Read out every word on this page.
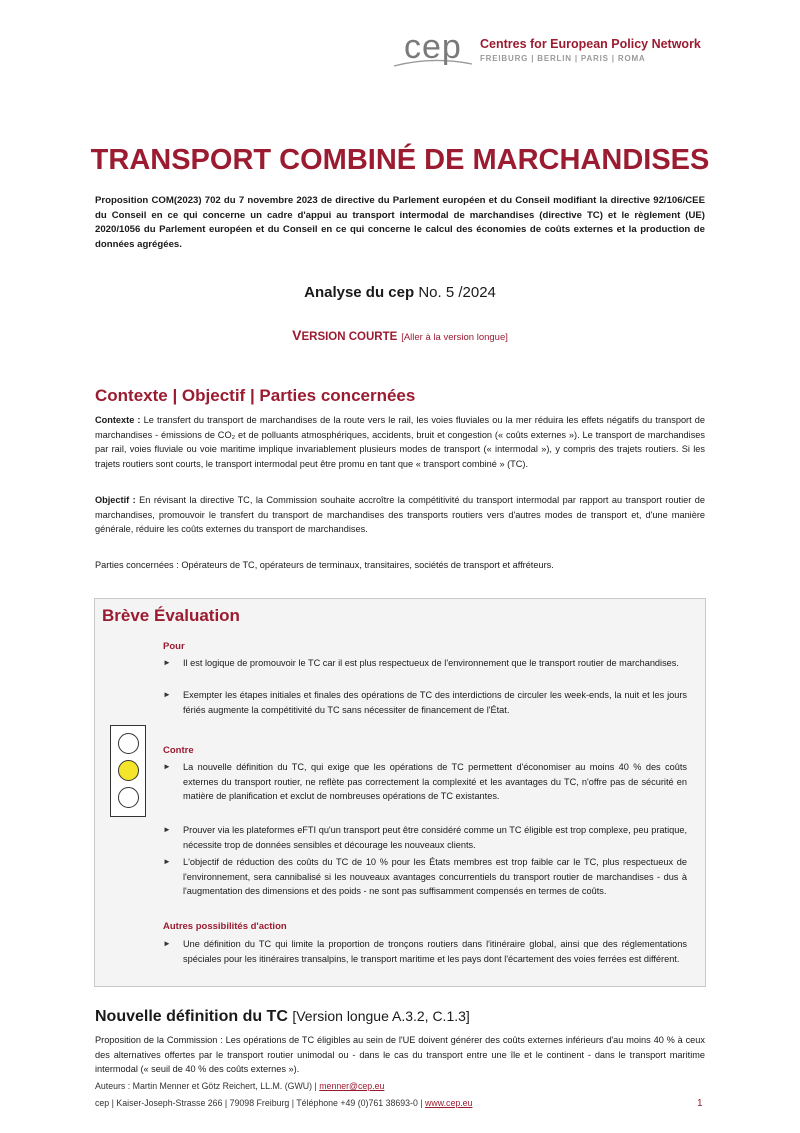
cep Centres for European Policy Network
FREIBURG | BERLIN | PARIS | ROMA
TRANSPORT COMBINÉ DE MARCHANDISES
Proposition COM(2023) 702 du 7 novembre 2023 de directive du Parlement européen et du Conseil modifiant la directive 92/106/CEE du Conseil en ce qui concerne un cadre d'appui au transport intermodal de marchandises (directive TC) et le règlement (UE) 2020/1056 du Parlement européen et du Conseil en ce qui concerne le calcul des économies de coûts externes et la production de données agrégées.
Analyse du cep No. 5 /2024
VERSION COURTE [Aller à la version longue]
Contexte | Objectif | Parties concernées
Contexte : Le transfert du transport de marchandises de la route vers le rail, les voies fluviales ou la mer réduira les effets négatifs du transport de marchandises - émissions de CO₂ et de polluants atmosphériques, accidents, bruit et congestion (« coûts externes »). Le transport de marchandises par rail, voies fluviale ou voie maritime implique invariablement plusieurs modes de transport (« intermodal »), y compris des trajets routiers. Si les trajets routiers sont courts, le transport intermodal peut être promu en tant que « transport combiné » (TC).
Objectif : En révisant la directive TC, la Commission souhaite accroître la compétitivité du transport intermodal par rapport au transport routier de marchandises, promouvoir le transfert du transport de marchandises des transports routiers vers d'autres modes de transport et, d'une manière générale, réduire les coûts externes du transport de marchandises.
Parties concernées : Opérateurs de TC, opérateurs de terminaux, transitaires, sociétés de transport et affréteurs.
Brève Évaluation
Pour
► Il est logique de promouvoir le TC car il est plus respectueux de l'environnement que le transport routier de marchandises.
► Exempter les étapes initiales et finales des opérations de TC des interdictions de circuler les week-ends, la nuit et les jours fériés augmente la compétitivité du TC sans nécessiter de financement de l'État.
Contre
► La nouvelle définition du TC, qui exige que les opérations de TC permettent d'économiser au moins 40 % des coûts externes du transport routier, ne reflète pas correctement la complexité et les avantages du TC, n'offre pas de sécurité en matière de planification et exclut de nombreuses opérations de TC existantes.
► Prouver via les plateformes eFTI qu'un transport peut être considéré comme un TC éligible est trop complexe, peu pratique, nécessite trop de données sensibles et décourage les nouveaux clients.
► L'objectif de réduction des coûts du TC de 10 % pour les États membres est trop faible car le TC, plus respectueux de l'environnement, sera cannibalisé si les nouveaux avantages concurrentiels du transport routier de marchandises - dus à l'augmentation des dimensions et des poids - ne sont pas suffisamment compensés en termes de coûts.
Autres possibilités d'action
► Une définition du TC qui limite la proportion de tronçons routiers dans l'itinéraire global, ainsi que des réglementations spéciales pour les itinéraires transalpins, le transport maritime et les pays dont l'écartement des voies ferrées est différent.
Nouvelle définition du TC [Version longue A.3.2, C.1.3]
Proposition de la Commission : Les opérations de TC éligibles au sein de l'UE doivent générer des coûts externes inférieurs d'au moins 40 % à ceux des alternatives offertes par le transport routier unimodal ou - dans le cas du transport entre une île et le continent - dans le transport maritime intermodal (« seuil de 40 % des coûts externes »).
Auteurs : Martin Menner et Götz Reichert, LL.M. (GWU) | menner@cep.eu
cep | Kaiser-Joseph-Strasse 266 | 79098 Freiburg | Téléphone +49 (0)761 38693-0 | www.cep.eu	1
